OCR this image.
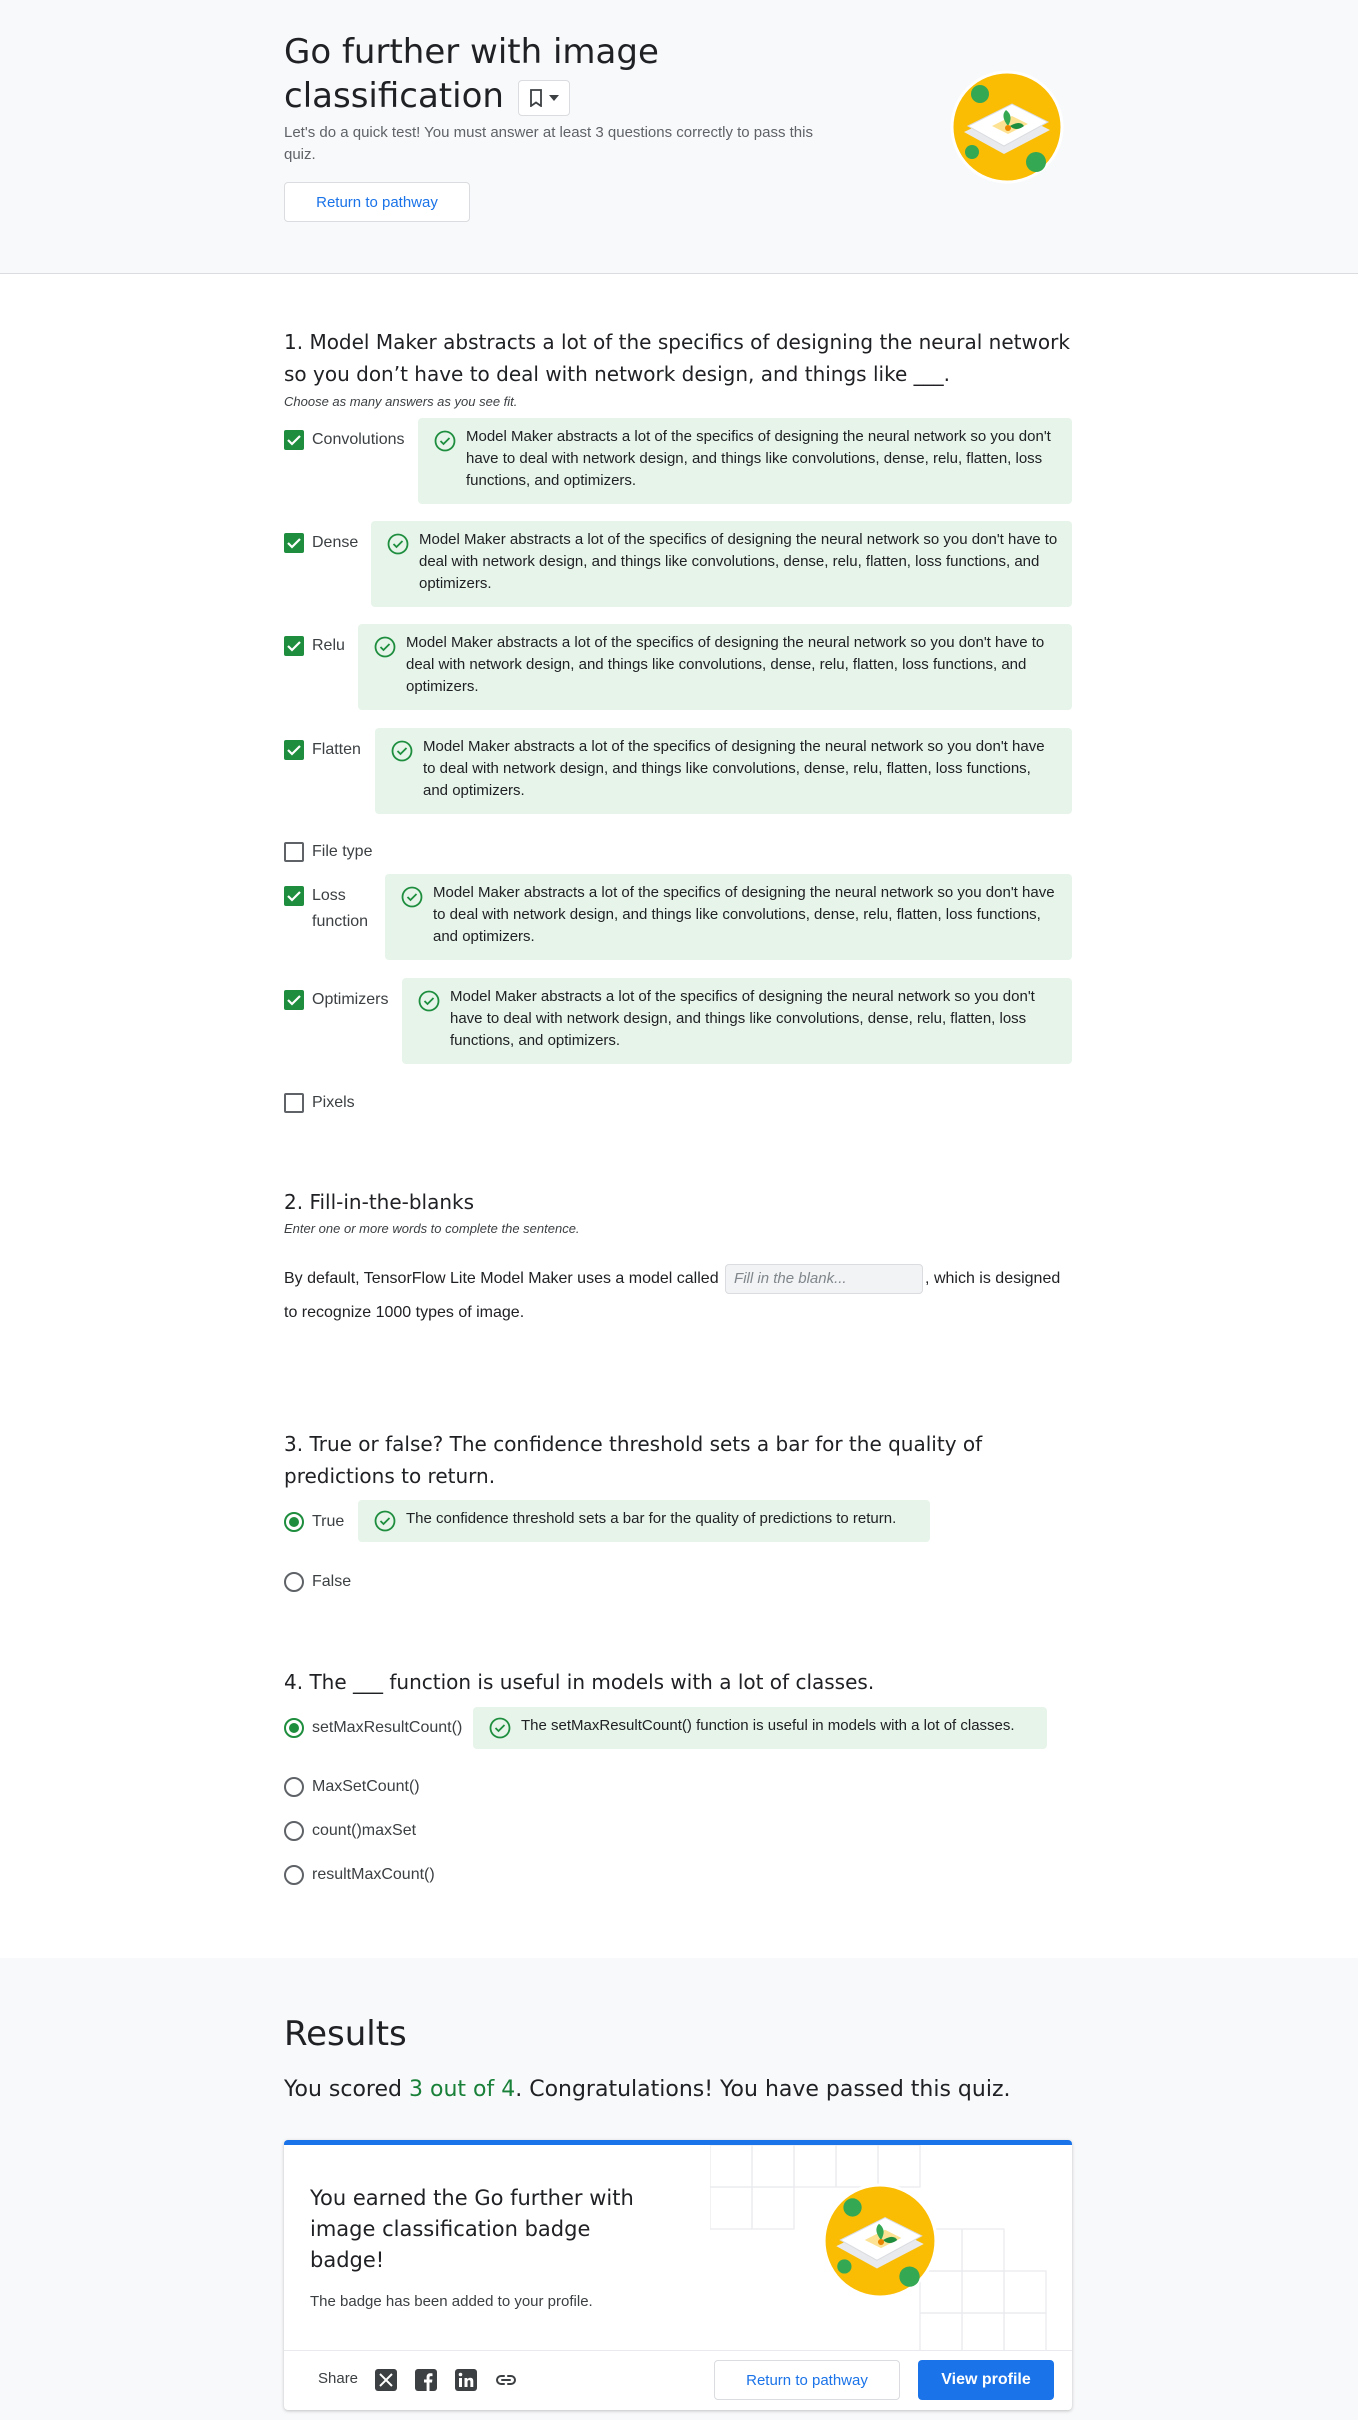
Go further with image classification
Let's do a quick test! You must answer at least 3 questions correctly to pass this quiz.
Return to pathway
1. Model Maker abstracts a lot of the specifics of designing the neural network so you don’t have to deal with network design, and things like ___.
Choose as many answers as you see fit.
Convolutions	Model Maker abstracts a lot of the specifics of designing the neural network so you don't have to deal with network design, and things like convolutions, dense, relu, flatten, loss functions, and optimizers.
Dense	Model Maker abstracts a lot of the specifics of designing the neural network so you don't have to deal with network design, and things like convolutions, dense, relu, flatten, loss functions, and optimizers.
Relu	Model Maker abstracts a lot of the specifics of designing the neural network so you don't have to deal with network design, and things like convolutions, dense, relu, flatten, loss functions, and optimizers.
Flatten	Model Maker abstracts a lot of the specifics of designing the neural network so you don't have to deal with network design, and things like convolutions, dense, relu, flatten, loss functions, and optimizers.
File type
Loss function
Model Maker abstracts a lot of the specifics of designing the neural network so you don't have to deal with network design, and things like convolutions, dense, relu, flatten, loss functions, and optimizers.
Optimizers	Model Maker abstracts a lot of the specifics of designing the neural network so you don't have to deal with network design, and things like convolutions, dense, relu, flatten, loss functions, and optimizers.
Pixels
2. Fill-in-the-blanks
Enter one or more words to complete the sentence.
By default, TensorFlow Lite Model Maker uses a model called Fill in the blank...	, which is designed to recognize 1000 types of image.
3. True or false? The confidence threshold sets a bar for the quality of predictions to return.
True	The confidence threshold sets a bar for the quality of predictions to return.
False
4. The ___ function is useful in models with a lot of classes.
setMaxResultCount()	The setMaxResultCount() function is useful in models with a lot of classes.
MaxSetCount()
count()maxSet
resultMaxCount()
Results
You scored 3 out of 4. Congratulations! You have passed this quiz.
You earned the Go further with image classification badge badge!
The badge has been added to your profile.
Share	Return to pathway	View profile
